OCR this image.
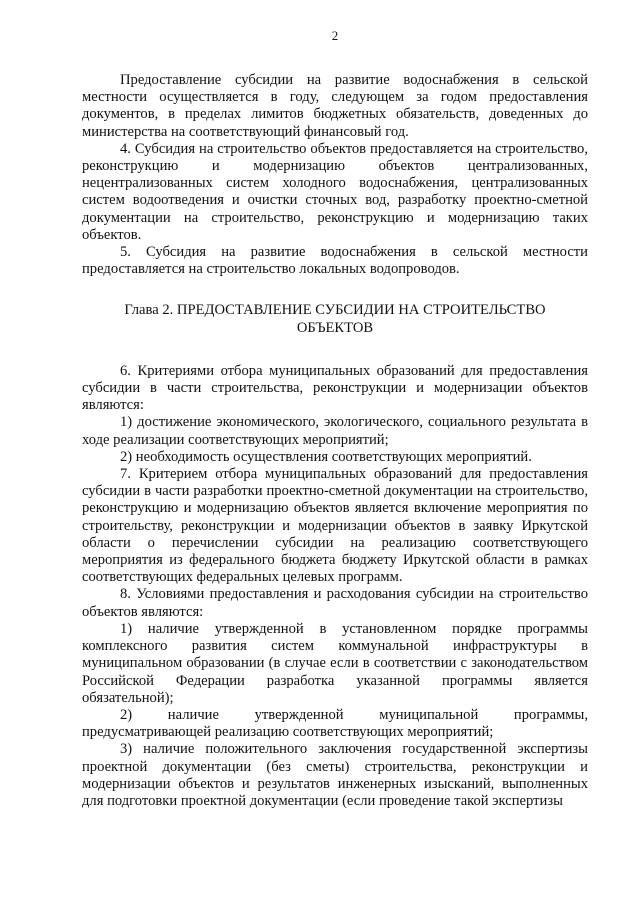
2

Предоставление субсидии на развитие водоснабжения в сельской местности осуществляется в году, следующем за годом предоставления документов, в пределах лимитов бюджетных обязательств, доведенных до министерства на соответствующий финансовый год.

4. Субсидия на строительство объектов предоставляется на строительство, реконструкцию и модернизацию объектов централизованных, нецентрализованных систем холодного водоснабжения, централизованных систем водоотведения и очистки сточных вод, разработку проектно-сметной документации на строительство, реконструкцию и модернизацию таких объектов.

5. Субсидия на развитие водоснабжения в сельской местности предоставляется на строительство локальных водопроводов.

Глава 2. ПРЕДОСТАВЛЕНИЕ СУБСИДИИ НА СТРОИТЕЛЬСТВО
ОБЪЕКТОВ

6. Критериями отбора муниципальных образований для предоставления субсидии в части строительства, реконструкции и модернизации объектов являются:

1) достижение экономического, экологического, социального результата в ходе реализации соответствующих мероприятий;

2) необходимость осуществления соответствующих мероприятий.

7. Критерием отбора муниципальных образований для предоставления субсидии в части разработки проектно-сметной документации на строительство, реконструкцию и модернизацию объектов является включение мероприятия по строительству, реконструкции и модернизации объектов в заявку Иркутской области о перечислении субсидии на реализацию соответствующего мероприятия из федерального бюджета бюджету Иркутской области в рамках соответствующих федеральных целевых программ.

8. Условиями предоставления и расходования субсидии на строительство объектов являются:

1) наличие утвержденной в установленном порядке программы комплексного развития систем коммунальной инфраструктуры в муниципальном образовании (в случае если в соответствии с законодательством Российской Федерации разработка указанной программы является обязательной);

2) наличие утвержденной муниципальной программы, предусматривающей реализацию соответствующих мероприятий;

3) наличие положительного заключения государственной экспертизы проектной документации (без сметы) строительства, реконструкции и модернизации объектов и результатов инженерных изысканий, выполненных для подготовки проектной документации (если проведение такой экспертизы
